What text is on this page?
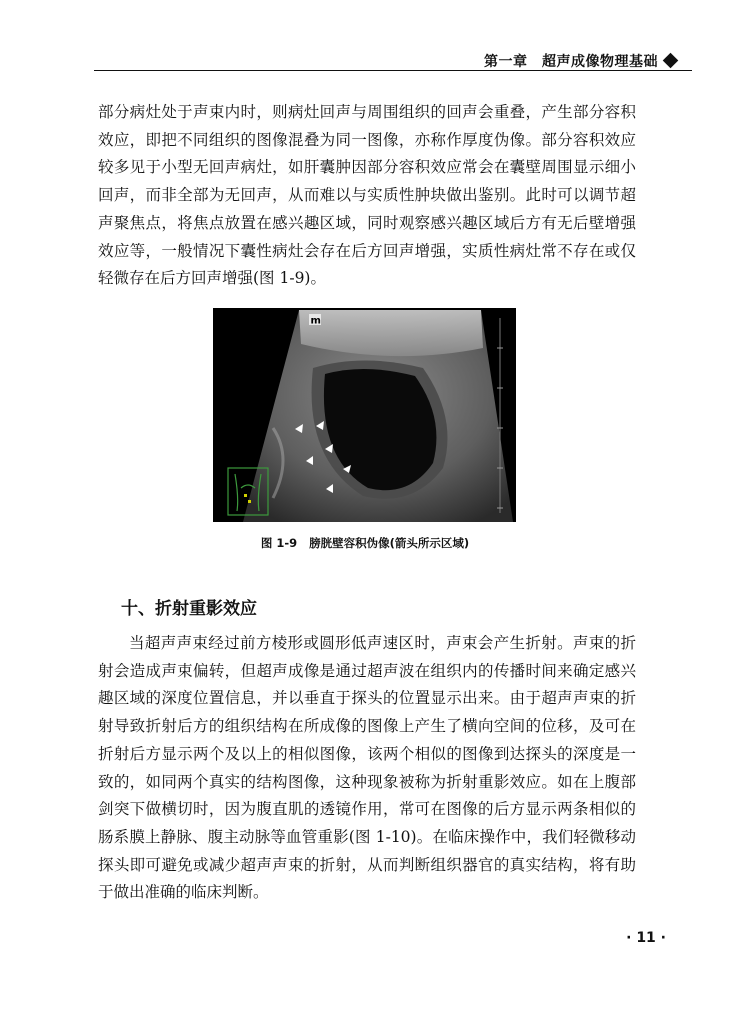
第一章　超声成像物理基础
部分病灶处于声束内时，则病灶回声与周围组织的回声会重叠，产生部分容积效应，即把不同组织的图像混叠为同一图像，亦称作厚度伪像。部分容积效应较多见于小型无回声病灶，如肝囊肿因部分容积效应常会在囊壁周围显示细小回声，而非全部为无回声，从而难以与实质性肿块做出鉴别。此时可以调节超声聚焦点，将焦点放置在感兴趣区域，同时观察感兴趣区域后方有无后壁增强效应等，一般情况下囊性病灶会存在后方回声增强，实质性病灶常不存在或仅轻微存在后方回声增强(图 1-9)。
m
图 1-9 膀胱壁容积伪像(箭头所示区域)
十、折射重影效应
当超声声束经过前方棱形或圆形低声速区时，声束会产生折射。声束的折射会造成声束偏转，但超声成像是通过超声波在组织内的传播时间来确定感兴趣区域的深度位置信息，并以垂直于探头的位置显示出来。由于超声声束的折射导致折射后方的组织结构在所成像的图像上产生了横向空间的位移，及可在折射后方显示两个及以上的相似图像，该两个相似的图像到达探头的深度是一致的，如同两个真实的结构图像，这种现象被称为折射重影效应。如在上腹部剑突下做横切时，因为腹直肌的透镜作用，常可在图像的后方显示两条相似的肠系膜上静脉、腹主动脉等血管重影(图 1-10)。在临床操作中，我们轻微移动探头即可避免或减少超声声束的折射，从而判断组织器官的真实结构，将有助于做出准确的临床判断。
· 11 ·
